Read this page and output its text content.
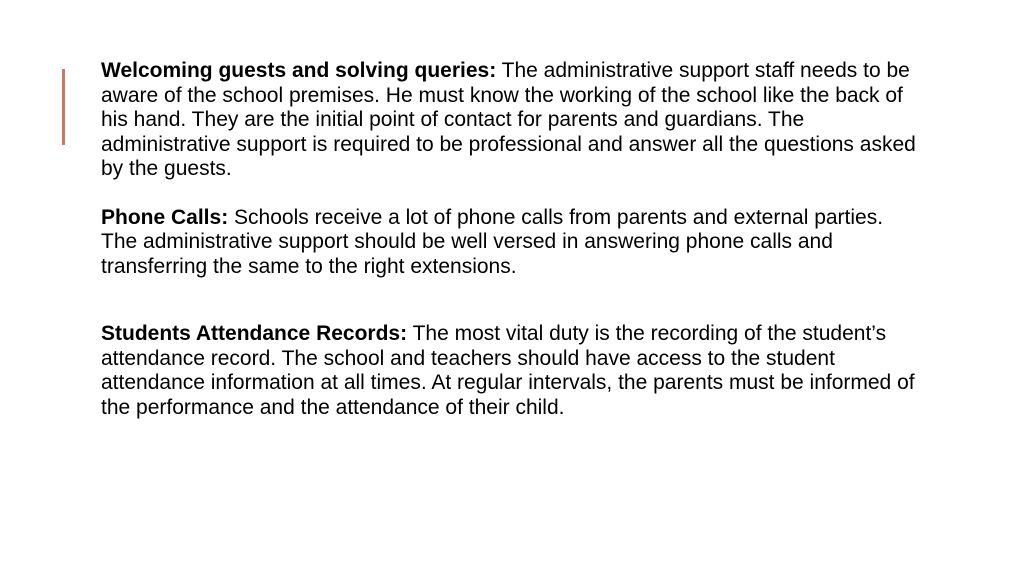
Welcoming guests and solving queries: The administrative support staff needs to be aware of the school premises. He must know the working of the school like the back of his hand. They are the initial point of contact for parents and guardians. The administrative support is required to be professional and answer all the questions asked by the guests.

Phone Calls: Schools receive a lot of phone calls from parents and external parties. The administrative support should be well versed in answering phone calls and transferring the same to the right extensions.

Students Attendance Records: The most vital duty is the recording of the student’s attendance record. The school and teachers should have access to the student attendance information at all times. At regular intervals, the parents must be informed of the performance and the attendance of their child.
